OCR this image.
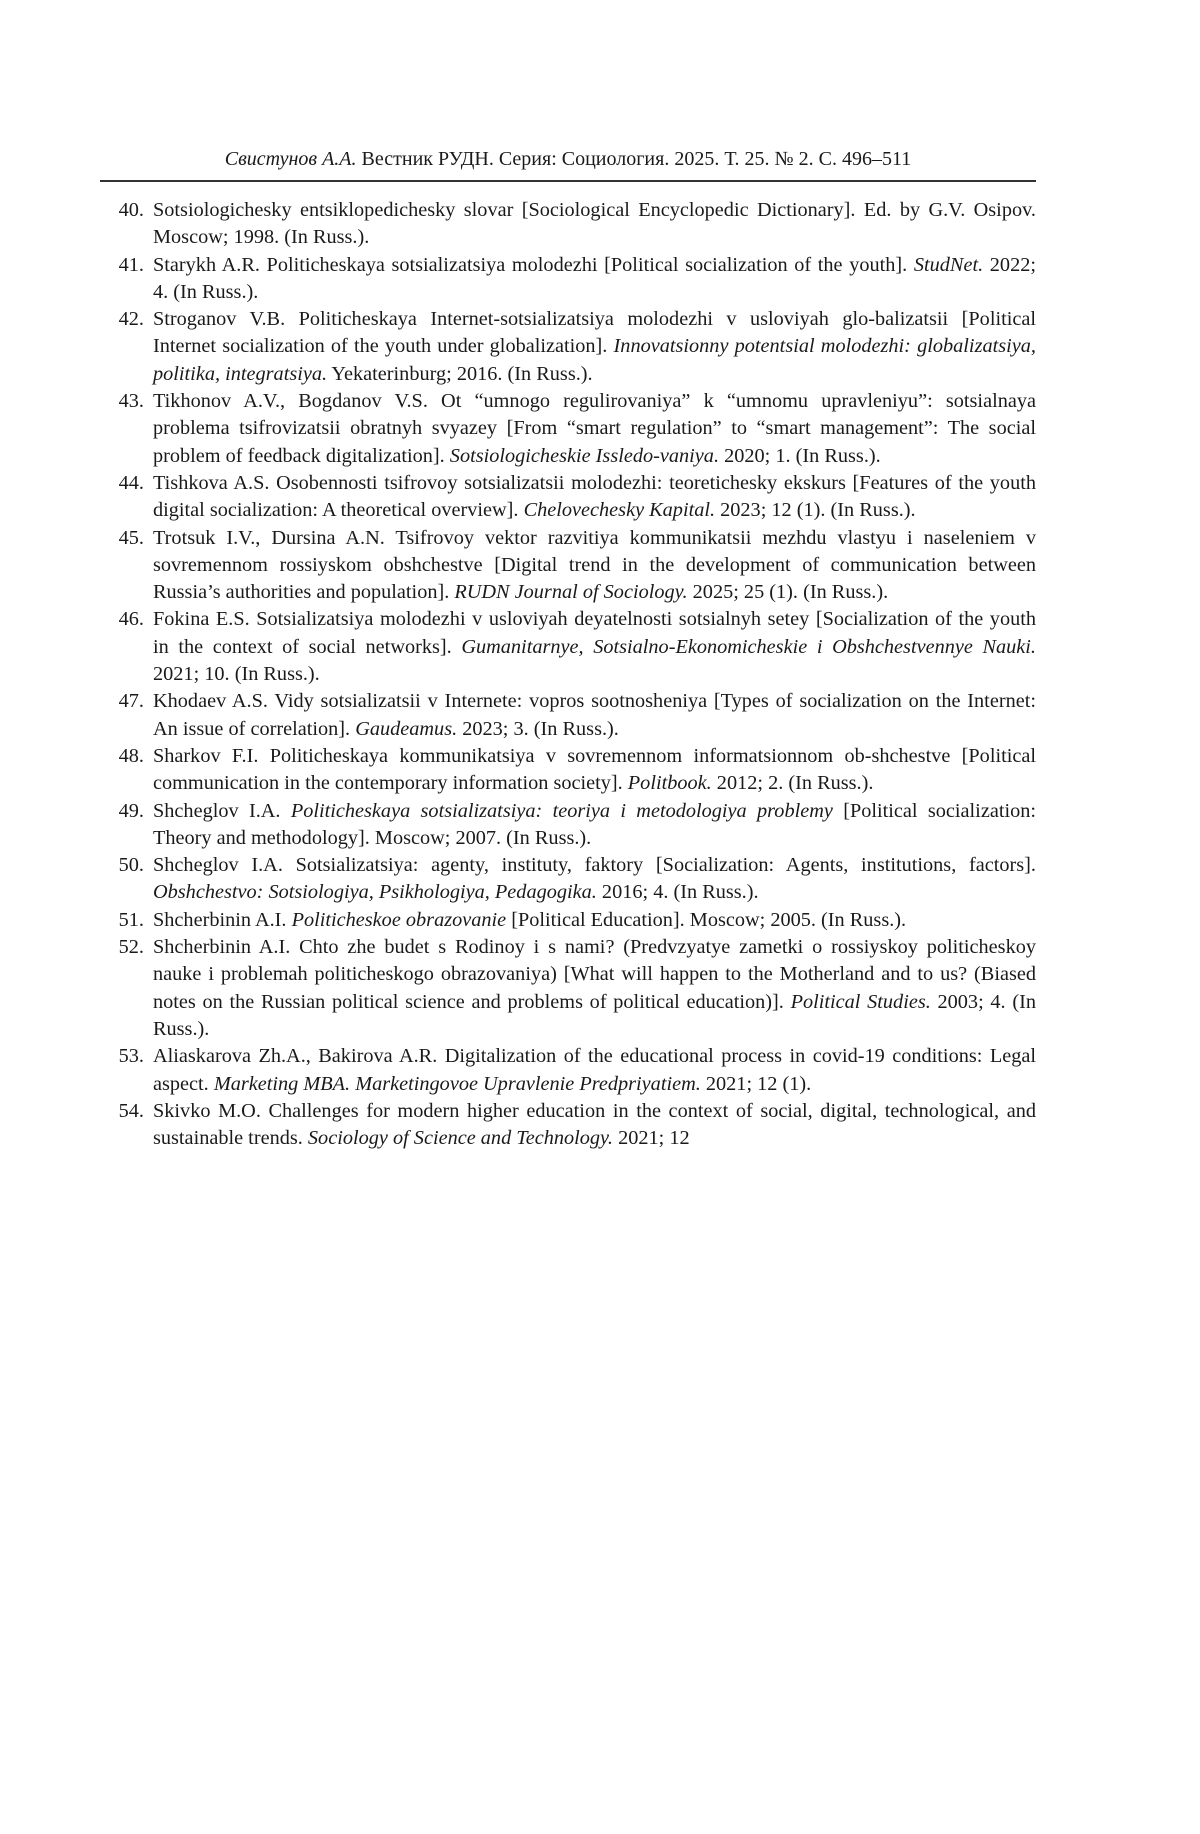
Свистунов А.А. Вестник РУДН. Серия: Социология. 2025. Т. 25. № 2. С. 496–511
40. Sotsiologichesky entsiklopedichesky slovar [Sociological Encyclopedic Dictionary]. Ed. by G.V. Osipov. Moscow; 1998. (In Russ.).
41. Starykh A.R. Politicheskaya sotsializatsiya molodezhi [Political socialization of the youth]. StudNet. 2022; 4. (In Russ.).
42. Stroganov V.B. Politicheskaya Internet-sotsializatsiya molodezhi v usloviyah glo-balizatsii [Political Internet socialization of the youth under globalization]. Innovatsionny potentsial molodezhi: globalizatsiya, politika, integratsiya. Yekaterinburg; 2016. (In Russ.).
43. Tikhonov A.V., Bogdanov V.S. Ot “umnogo regulirovaniya” k “umnomu upravleniyu”: sotsialnaya problema tsifrovizatsii obratnyh svyazey [From “smart regulation” to “smart management”: The social problem of feedback digitalization]. Sotsiologicheskie Issledo-vaniya. 2020; 1. (In Russ.).
44. Tishkova A.S. Osobennosti tsifrovoy sotsializatsii molodezhi: teoretichesky ekskurs [Features of the youth digital socialization: A theoretical overview]. Chelovechesky Kapital. 2023; 12 (1). (In Russ.).
45. Trotsuk I.V., Dursina A.N. Tsifrovoy vektor razvitiya kommunikatsii mezhdu vlastyu i naseleniem v sovremennom rossiyskom obshchestve [Digital trend in the development of communication between Russia’s authorities and population]. RUDN Journal of Sociology. 2025; 25 (1). (In Russ.).
46. Fokina E.S. Sotsializatsiya molodezhi v usloviyah deyatelnosti sotsialnyh setey [Socialization of the youth in the context of social networks]. Gumanitarnye, Sotsialno-Ekonomicheskie i Obshchestvennye Nauki. 2021; 10. (In Russ.).
47. Khodaev A.S. Vidy sotsializatsii v Internete: vopros sootnosheniya [Types of socialization on the Internet: An issue of correlation]. Gaudeamus. 2023; 3. (In Russ.).
48. Sharkov F.I. Politicheskaya kommunikatsiya v sovremennom informatsionnom ob-shchestve [Political communication in the contemporary information society]. Politbook. 2012; 2. (In Russ.).
49. Shcheglov I.A. Politicheskaya sotsializatsiya: teoriya i metodologiya problemy [Political socialization: Theory and methodology]. Moscow; 2007. (In Russ.).
50. Shcheglov I.A. Sotsializatsiya: agenty, instituty, faktory [Socialization: Agents, institutions, factors]. Obshchestvo: Sotsiologiya, Psikhologiya, Pedagogika. 2016; 4. (In Russ.).
51. Shcherbinin A.I. Politicheskoe obrazovanie [Political Education]. Moscow; 2005. (In Russ.).
52. Shcherbinin A.I. Chto zhe budet s Rodinoy i s nami? (Predvzyatye zametki o rossiyskoy politicheskoy nauke i problemah politicheskogo obrazovaniya) [What will happen to the Motherland and to us? (Biased notes on the Russian political science and problems of political education)]. Political Studies. 2003; 4. (In Russ.).
53. Aliaskarova Zh.A., Bakirova A.R. Digitalization of the educational process in covid-19 conditions: Legal aspect. Marketing MBA. Marketingovoe Upravlenie Predpriyatiem. 2021; 12 (1).
54. Skivko M.O. Challenges for modern higher education in the context of social, digital, technological, and sustainable trends. Sociology of Science and Technology. 2021; 12
